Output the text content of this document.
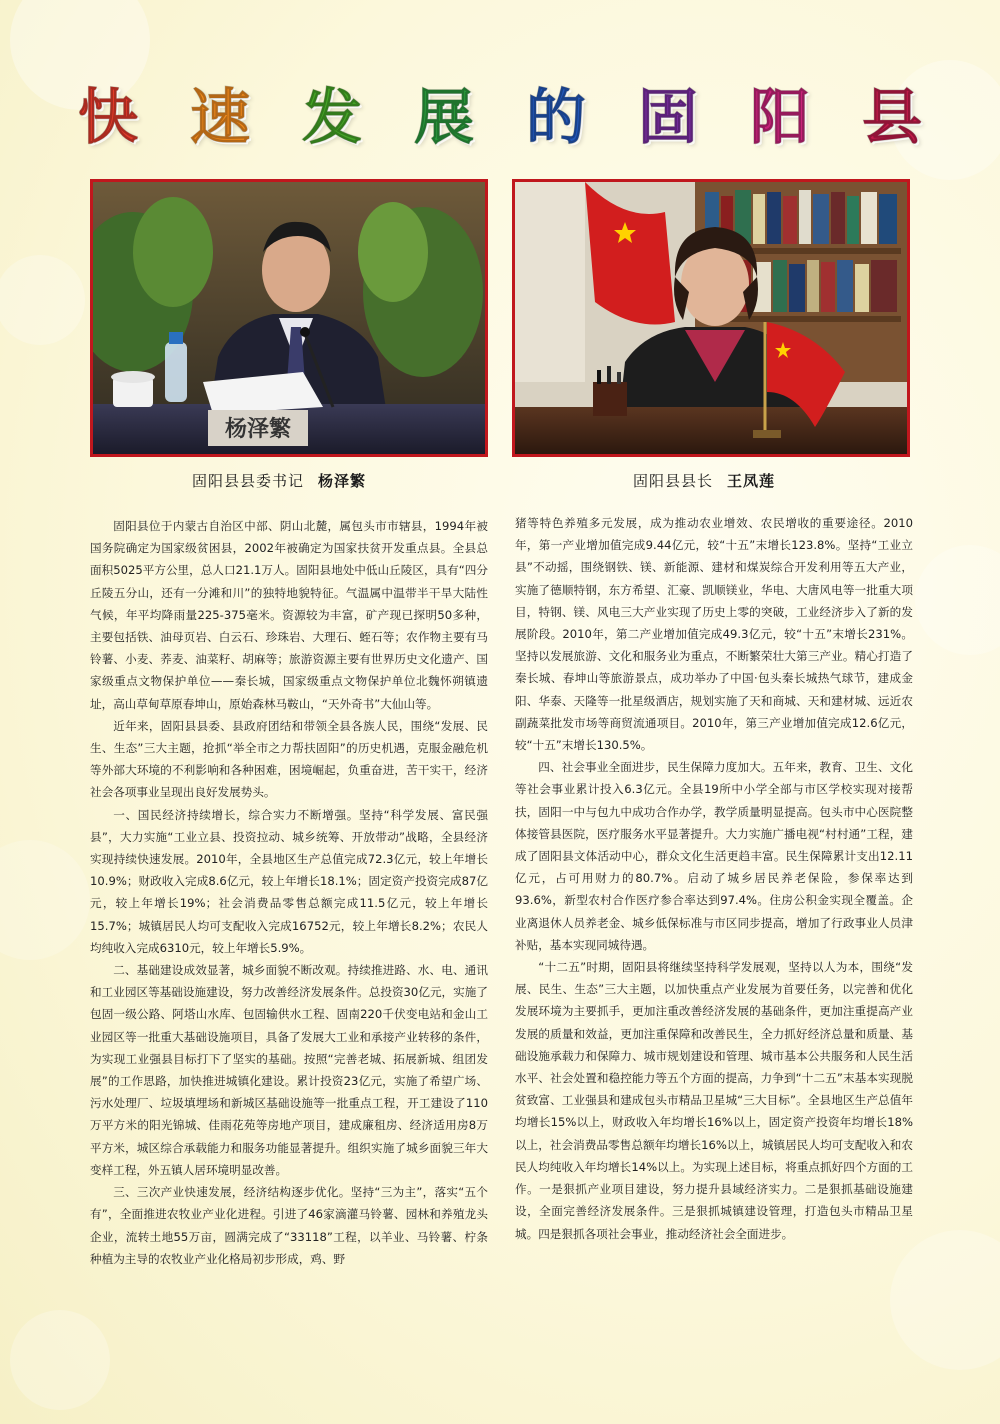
快 速 发 展 的 固 阳 县
杨泽繁
固阳县县委书记 杨泽繁	固阳县县长 王凤莲

固阳县位于内蒙古自治区中部、阴山北麓，属包头市市辖县，1994年被国务院确定为国家级贫困县，2002年被确定为国家扶贫开发重点县。全县总面积5025平方公里，总人口21.1万人。固阳县地处中低山丘陵区，具有“四分丘陵五分山，还有一分滩和川”的独特地貌特征。气温属中温带半干旱大陆性气候，年平均降雨量225-375毫米。资源较为丰富，矿产现已探明50多种，主要包括铁、油母页岩、白云石、珍珠岩、大理石、蛭石等；农作物主要有马铃薯、小麦、荞麦、油菜籽、胡麻等；旅游资源主要有世界历史文化遗产、国家级重点文物保护单位——秦长城，国家级重点文物保护单位北魏怀朔镇遗址，高山草甸草原春坤山，原始森林马鞍山，“天外奇书”大仙山等。

近年来，固阳县县委、县政府团结和带领全县各族人民，围绕“发展、民生、生态”三大主题，抢抓“举全市之力帮扶固阳”的历史机遇，克服金融危机等外部大环境的不利影响和各种困难，困境崛起，负重奋进，苦干实干，经济社会各项事业呈现出良好发展势头。

一、国民经济持续增长，综合实力不断增强。坚持“科学发展、富民强县”，大力实施“工业立县、投资拉动、城乡统筹、开放带动”战略，全县经济实现持续快速发展。2010年，全县地区生产总值完成72.3亿元，较上年增长10.9%；财政收入完成8.6亿元，较上年增长18.1%；固定资产投资完成87亿元，较上年增长19%；社会消费品零售总额完成11.5亿元，较上年增长15.7%；城镇居民人均可支配收入完成16752元，较上年增长8.2%；农民人均纯收入完成6310元，较上年增长5.9%。

二、基础建设成效显著，城乡面貌不断改观。持续推进路、水、电、通讯和工业园区等基础设施建设，努力改善经济发展条件。总投资30亿元，实施了包固一级公路、阿塔山水库、包固输供水工程、固南220千伏变电站和金山工业园区等一批重大基础设施项目，具备了发展大工业和承接产业转移的条件，为实现工业强县目标打下了坚实的基础。按照“完善老城、拓展新城、组团发展”的工作思路，加快推进城镇化建设。累计投资23亿元，实施了希望广场、污水处理厂、垃圾填埋场和新城区基础设施等一批重点工程，开工建设了110万平方米的阳光锦城、佳雨花苑等房地产项目，建成廉租房、经济适用房8万平方米，城区综合承载能力和服务功能显著提升。组织实施了城乡面貌三年大变样工程，外五镇人居环境明显改善。

三、三次产业快速发展，经济结构逐步优化。坚持“三为主”，落实“五个有”，全面推进农牧业产业化进程。引进了46家滴灌马铃薯、园林和养殖龙头企业，流转土地55万亩，圆满完成了“33118”工程，以羊业、马铃薯、柠条种植为主导的农牧业产业化格局初步形成，鸡、野

猪等特色养殖多元发展，成为推动农业增效、农民增收的重要途径。2010年，第一产业增加值完成9.44亿元，较“十五”末增长123.8%。坚持“工业立县”不动摇，围绕钢铁、镁、新能源、建材和煤炭综合开发利用等五大产业，实施了德顺特钢，东方希望、汇豪、凯顺镁业，华电、大唐风电等一批重大项目，特钢、镁、风电三大产业实现了历史上零的突破，工业经济步入了新的发展阶段。2010年，第二产业增加值完成49.3亿元，较“十五”末增长231%。坚持以发展旅游、文化和服务业为重点，不断繁荣壮大第三产业。精心打造了秦长城、春坤山等旅游景点，成功举办了中国·包头秦长城热气球节，建成金阳、华泰、天隆等一批星级酒店，规划实施了天和商城、天和建材城、远近农副蔬菜批发市场等商贸流通项目。2010年，第三产业增加值完成12.6亿元，较“十五”末增长130.5%。

四、社会事业全面进步，民生保障力度加大。五年来，教育、卫生、文化等社会事业累计投入6.3亿元。全县19所中小学全部与市区学校实现对接帮扶，固阳一中与包九中成功合作办学，教学质量明显提高。包头市中心医院整体接管县医院，医疗服务水平显著提升。大力实施广播电视“村村通”工程，建成了固阳县文体活动中心，群众文化生活更趋丰富。民生保障累计支出12.11亿元，占可用财力的80.7%。启动了城乡居民养老保险，参保率达到93.6%，新型农村合作医疗参合率达到97.4%。住房公积金实现全覆盖。企业离退休人员养老金、城乡低保标准与市区同步提高，增加了行政事业人员津补贴，基本实现同城待遇。

“十二五”时期，固阳县将继续坚持科学发展观，坚持以人为本，围绕“发展、民生、生态”三大主题，以加快重点产业发展为首要任务，以完善和优化发展环境为主要抓手，更加注重改善经济发展的基础条件，更加注重提高产业发展的质量和效益，更加注重保障和改善民生，全力抓好经济总量和质量、基础设施承载力和保障力、城市规划建设和管理、城市基本公共服务和人民生活水平、社会处置和稳控能力等五个方面的提高，力争到“十二五”末基本实现脱贫致富、工业强县和建成包头市精品卫星城“三大目标”。全县地区生产总值年均增长15%以上，财政收入年均增长16%以上，固定资产投资年均增长18%以上，社会消费品零售总额年均增长16%以上，城镇居民人均可支配收入和农民人均纯收入年均增长14%以上。为实现上述目标，将重点抓好四个方面的工作。一是狠抓产业项目建设，努力提升县域经济实力。二是狠抓基础设施建设，全面完善经济发展条件。三是狠抓城镇建设管理，打造包头市精品卫星城。四是狠抓各项社会事业，推动经济社会全面进步。
